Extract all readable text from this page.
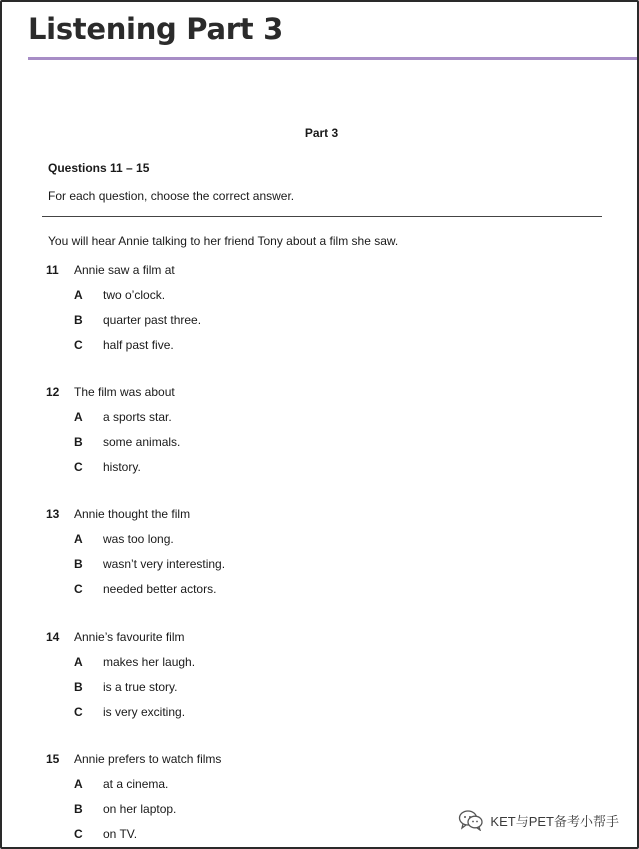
Listening Part 3
Part 3
Questions 11 – 15
For each question, choose the correct answer.
You will hear Annie talking to her friend Tony about a film she saw.
11 Annie saw a film at
A two o’clock.
B quarter past three.
C half past five.
12 The film was about
A a sports star.
B some animals.
C history.
13 Annie thought the film
A was too long.
B wasn’t very interesting.
C needed better actors.
14 Annie’s favourite film
A makes her laugh.
B is a true story.
C is very exciting.
15 Annie prefers to watch films
A at a cinema.
B on her laptop.
C on TV.
KET与PET备考小帮手
